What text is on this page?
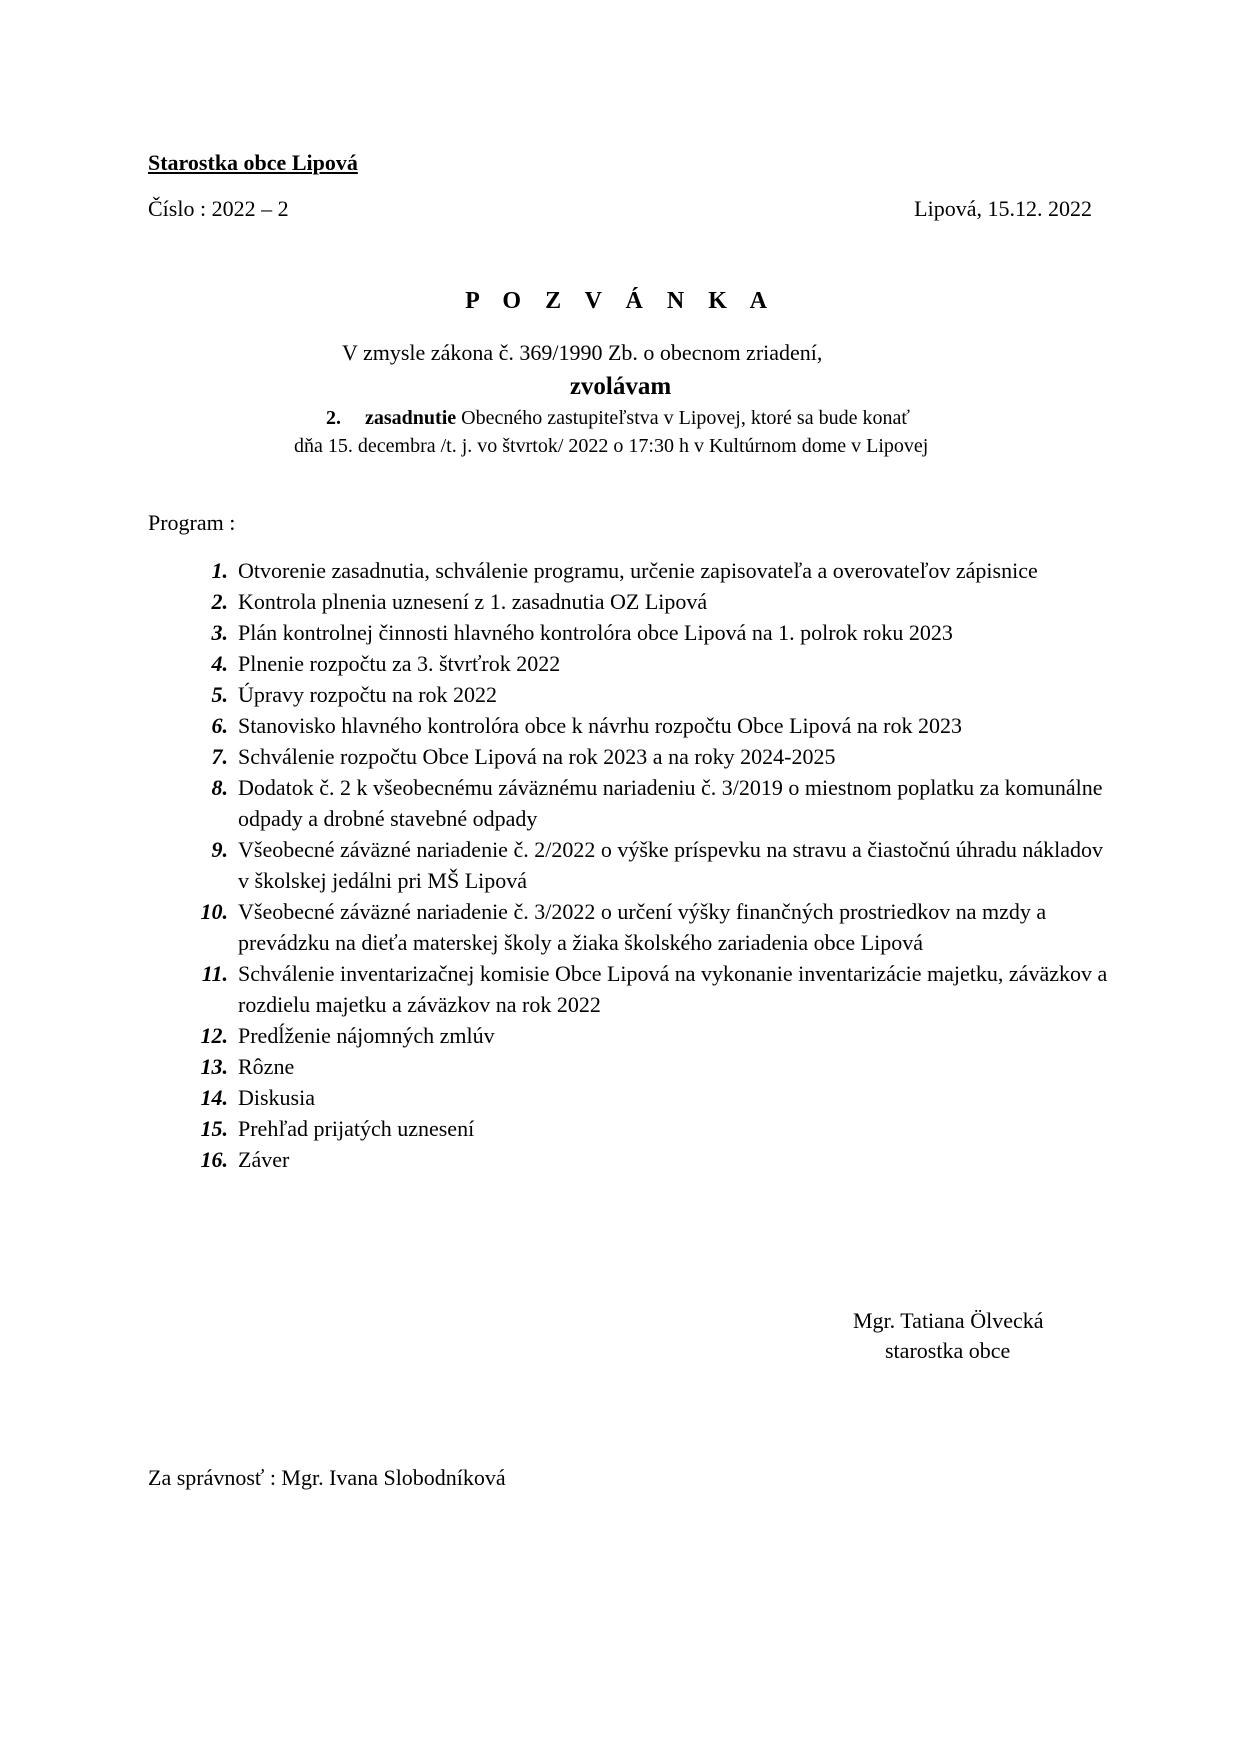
Starostka obce Lipová
Číslo : 2022 – 2	Lipová, 15.12. 2022
P O Z V Á N K A
V zmysle zákona č. 369/1990 Zb. o obecnom zriadení,
zvolávam
2. zasadnutie Obecného zastupiteľstva v Lipovej, ktoré sa bude konať
dňa 15. decembra /t. j. vo štvrtok/ 2022 o 17:30 h v Kultúrnom dome v Lipovej
Program :
1. Otvorenie zasadnutia, schválenie programu, určenie zapisovateľa a overovateľov zápisnice
2. Kontrola plnenia uznesení z 1. zasadnutia OZ Lipová
3. Plán kontrolnej činnosti hlavného kontrolóra obce Lipová na 1. polrok roku 2023
4. Plnenie rozpočtu za 3. štvrťrok 2022
5. Úpravy rozpočtu na rok 2022
6. Stanovisko hlavného kontrolóra obce k návrhu rozpočtu Obce Lipová na rok 2023
7. Schválenie rozpočtu Obce Lipová na rok 2023 a na roky 2024-2025
8. Dodatok č. 2 k všeobecnému záväznému nariadeniu č. 3/2019 o miestnom poplatku za komunálne odpady a drobné stavebné odpady
9. Všeobecné záväzné nariadenie č. 2/2022 o výške príspevku na stravu a čiastočnú úhradu nákladov v školskej jedálni pri MŠ Lipová
10. Všeobecné záväzné nariadenie č. 3/2022 o určení výšky finančných prostriedkov na mzdy a prevádzku na dieťa materskej školy a žiaka školského zariadenia obce Lipová
11. Schválenie inventarizačnej komisie Obce Lipová na vykonanie inventarizácie majetku, záväzkov a rozdielu majetku a záväzkov na rok 2022
12. Predĺženie nájomných zmlúv
13. Rôzne
14. Diskusia
15. Prehľad prijatých uznesení
16. Záver
Mgr. Tatiana Ölvecká
starostka obce
Za správnosť : Mgr. Ivana Slobodníková
